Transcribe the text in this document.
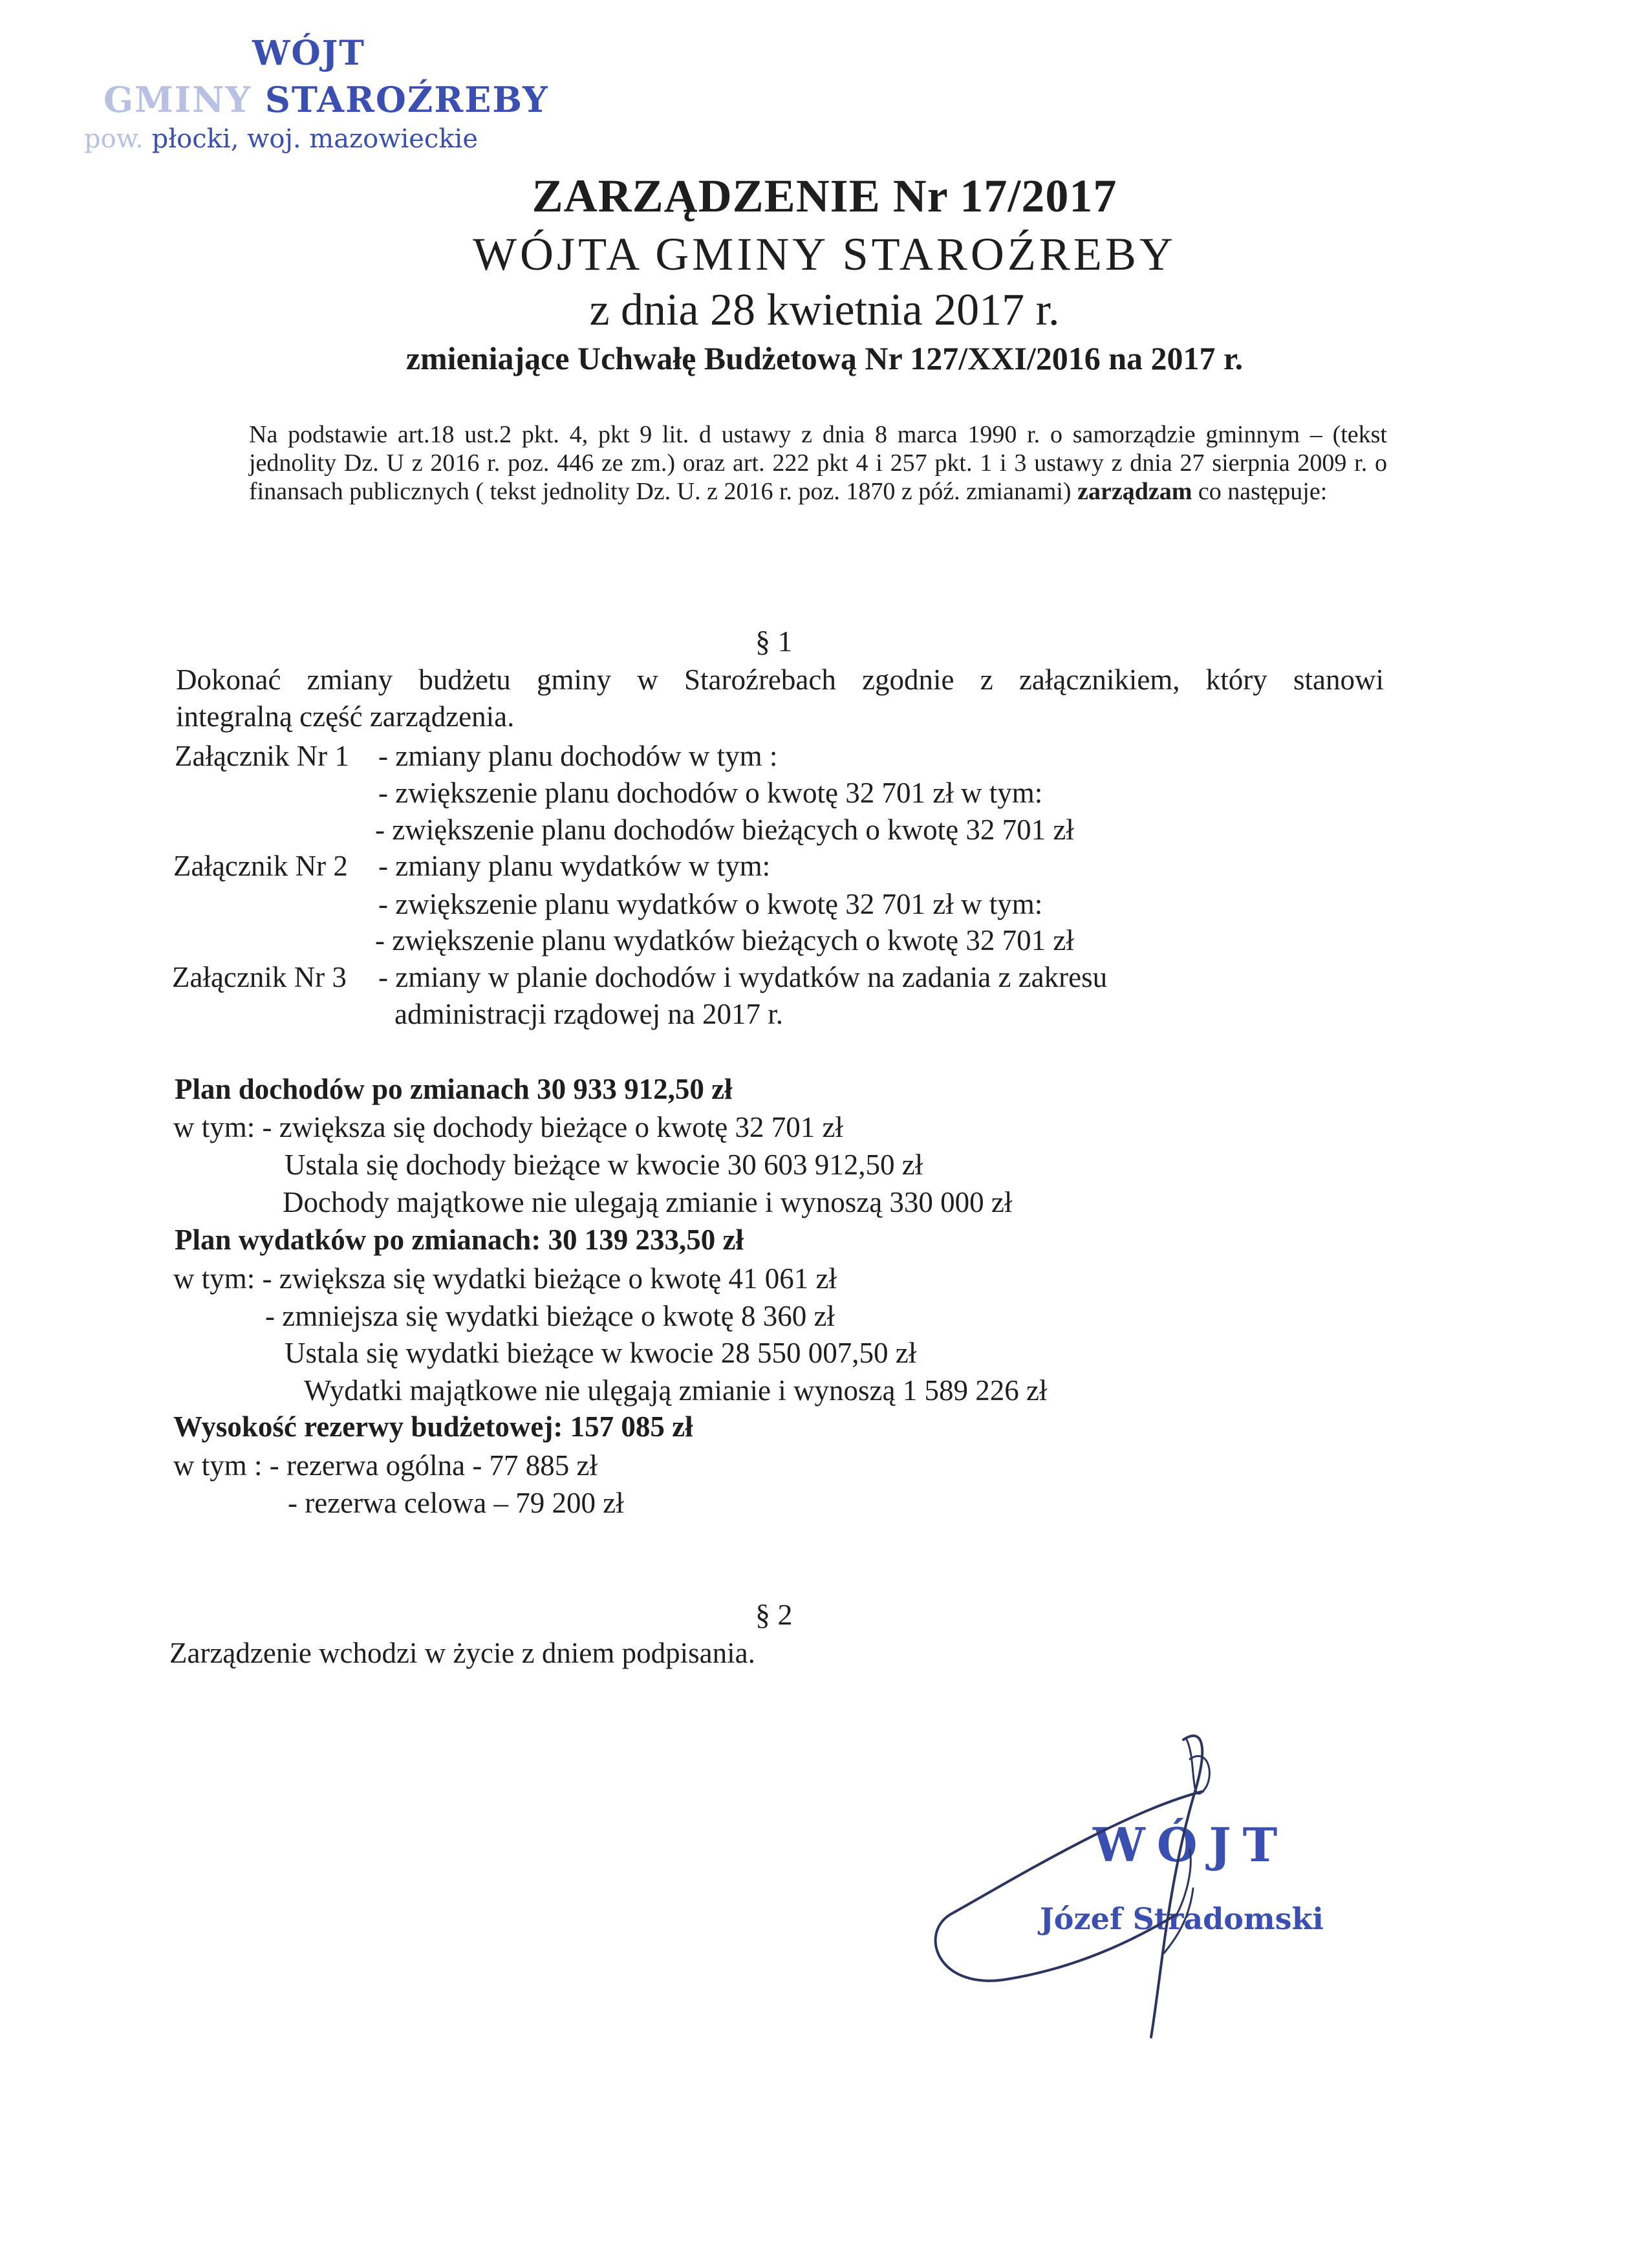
WÓJT
GMINY STAROŹREBY
pow. płocki, woj. mazowieckie
ZARZĄDZENIE Nr 17/2017
WÓJTA GMINY STAROŹREBY
z dnia 28 kwietnia 2017 r.
zmieniające Uchwałę Budżetową Nr 127/XXI/2016 na 2017 r.
Na podstawie art.18 ust.2 pkt. 4, pkt 9 lit. d ustawy z dnia 8 marca 1990 r. o samorządzie gminnym – (tekst jednolity Dz. U z 2016 r. poz. 446 ze zm.) oraz art. 222 pkt 4 i 257 pkt. 1 i 3 ustawy z dnia 27 sierpnia 2009 r. o finansach publicznych ( tekst jednolity Dz. U. z 2016 r. poz. 1870 z póź. zmianami) zarządzam co następuje:
§ 1
Dokonać zmiany budżetu gminy w Staroźrebach zgodnie z załącznikiem, który stanowi
integralną część zarządzenia.
Załącznik Nr 1 - zmiany planu dochodów w tym :
- zwiększenie planu dochodów o kwotę 32 701 zł w tym:
- zwiększenie planu dochodów bieżących o kwotę 32 701 zł
Załącznik Nr 2 - zmiany planu wydatków w tym:
- zwiększenie planu wydatków o kwotę 32 701 zł w tym:
- zwiększenie planu wydatków bieżących o kwotę 32 701 zł
Załącznik Nr 3 - zmiany w planie dochodów i wydatków na zadania z zakresu
administracji rządowej na 2017 r.
Plan dochodów po zmianach 30 933 912,50 zł
w tym: - zwiększa się dochody bieżące o kwotę 32 701 zł
Ustala się dochody bieżące w kwocie 30 603 912,50 zł
Dochody majątkowe nie ulegają zmianie i wynoszą 330 000 zł
Plan wydatków po zmianach: 30 139 233,50 zł
w tym: - zwiększa się wydatki bieżące o kwotę 41 061 zł
- zmniejsza się wydatki bieżące o kwotę 8 360 zł
Ustala się wydatki bieżące w kwocie 28 550 007,50 zł
Wydatki majątkowe nie ulęgają zmianie i wynoszą 1 589 226 zł
Wysokość rezerwy budżetowej: 157 085 zł
w tym : - rezerwa ogólna - 77 885 zł
- rezerwa celowa – 79 200 zł
§ 2
Zarządzenie wchodzi w życie z dniem podpisania.
WÓJT
Józef Stradomski
